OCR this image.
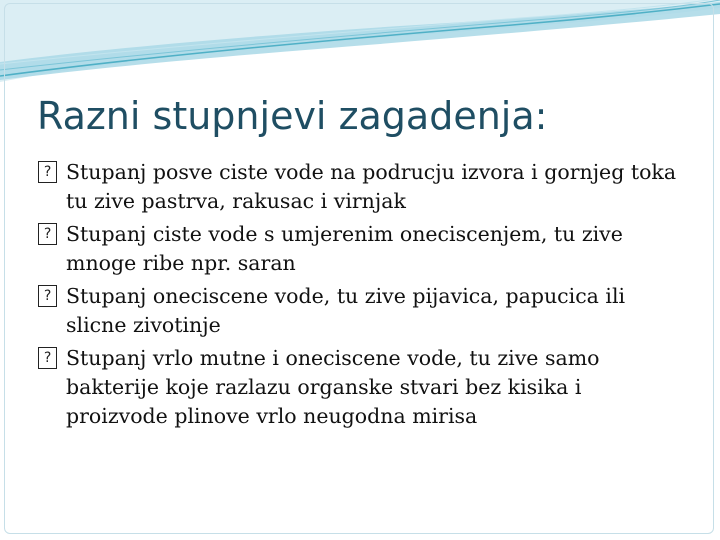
Razni stupnjevi zagadenja:
?
Stupanj posve ciste vode na podrucju izvora i gornjeg toka tu zive pastrva, rakusac i virnjak
?
Stupanj ciste vode s umjerenim oneciscenjem, tu zive mnoge ribe npr. saran
?
Stupanj oneciscene vode, tu zive pijavica, papucica ili slicne zivotinje
?
Stupanj vrlo mutne i oneciscene vode, tu zive samo bakterije koje razlazu organske stvari bez kisika i proizvode plinove vrlo neugodna mirisa
